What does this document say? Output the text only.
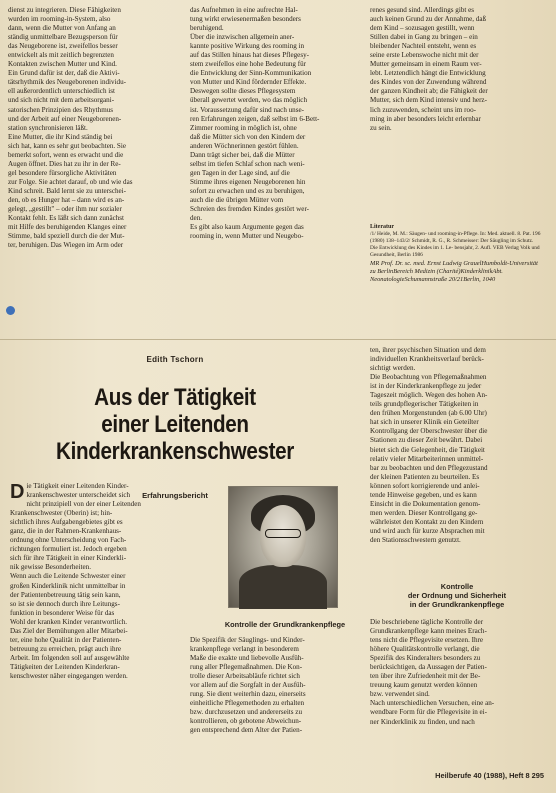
dienst zu integrieren. Diese Fähigkeiten
wurden im rooming-in-System, also
dann, wenn die Mutter von Anfang an
ständig unmittelbare Bezugsperson für
das Neugeborene ist, zweifellos besser
entwickelt als mit zeitlich begrenzten
Kontakten zwischen Mutter und Kind.
Ein Grund dafür ist der, daß die Aktivi-
tätsrhythmik des Neugeborenen individu-
ell außerordentlich unterschiedlich ist
und sich nicht mit dem arbeitsorgani-
satorischen Prinzipien des Rhythmus
und der Arbeit auf einer Neugeborenen-
station synchronisieren läßt.
Eine Mutter, die ihr Kind ständig bei
sich hat, kann es sehr gut beobachten. Sie
bemerkt sofort, wenn es erwacht und die
Augen öffnet. Dies hat zu ihr in der Re-
gel besondere fürsorgliche Aktivitäten
zur Folge. Sie achtet darauf, ob und wie das
Kind schreit. Bald lernt sie zu unterschei-
den, ob es Hunger hat – dann wird es an-
gelegt, „gestillt" – oder ihm nur sozialer
Kontakt fehlt. Es läßt sich dann zunächst
mit Hilfe des beruhigenden Klanges einer
Stimme, bald speziell durch die der Mut-
ter, beruhigen. Das Wiegen im Arm oder
das Aufnehmen in eine aufrechte Hal-
tung wirkt erwiesenermaßen besonders
beruhigend.
Über die inzwischen allgemein aner-
kannte positive Wirkung des rooming in
auf das Stillen hinaus hat dieses Pflegesy-
stem zweifellos eine hohe Bedeutung für
die Entwicklung der Sinn-Kommunikation
von Mutter und Kind fördernder Effekte.
Deswegen sollte dieses Pflegesystem
überall gewertet werden, wo das möglich
ist. Voraussetzung dafür sind nach unse-
ren Erfahrungen zeigen, daß selbst im 6-Bett-
Zimmer rooming in möglich ist, ohne
daß die Mütter sich von den Kindern der
anderen Wöchnerinnen gestört fühlen.
Dann trägt sicher bei, daß die Mütter
selbst im tiefen Schlaf schon nach weni-
gen Tagen in der Lage sind, auf die
Stimme ihres eigenen Neugeborenen hin
sofort zu erwachen und es zu beruhigen,
auch die die übrigen Mütter vom
Schreien des fremden Kindes gestört wer-
den.
Es gibt also kaum Argumente gegen das
rooming in, wenn Mutter und Neugebo-
renes gesund sind. Allerdings gibt es
auch keinen Grund zu der Annahme, daß
dem Kind – sozusagen gestillt, wenn
Stillen dabei in Gang zu bringen – ein
bleibender Nachteil entsteht, wenn es
seine erste Lebenswoche nicht mit der
Mutter gemeinsam in einem Raum ver-
lebt. Letztendlich hängt die Entwicklung
des Kindes von der Zuwendung während
der ganzen Kindheit ab; die Fähigkeit der
Mutter, sich dem Kind intensiv und herz-
lich zuzuwenden, scheint uns im roo-
ming in aber besonders leicht erlernbar
zu sein.
Literatur
/1/ Heide, M. M.: Säugen- und rooming-in-Pflege. In: Med. aktuell. 8. Pat. 196 (1980) 138–143/2/ Schmidt, R. G., R. Schmeisser: Der Säugling im Schutz. Die Entwicklung des Kindes im 1. Le- bensjahr, 2. Aufl. VEB Verlag Volk und Gesundheit, Berlin 1986
MR Prof. Dr. sc. med. Ernst Ludwig GrauelHumboldt-Universität zu BerlinBereich Medizin (Charité)KinderklinikAbt. NeonatologieSchumannstraße 20/21Berlin, 1040
Edith Tschorn
Aus der Tätigkeit
einer Leitenden
Kinderkrankenschwester
Erfahrungsbericht
D ie Tätigkeit einer Leitenden Kinder-
krankenschwester unterscheidet sich
nicht prinzipiell von der einer Leitenden
Krankenschwester (Oberin) ist; hin-
sichtlich ihres Aufgabengebietes gibt es
ganz, die in der Rahmen-Krankenhaus-
ordnung ohne Unterscheidung von Fach-
richtungen formuliert ist. Jedoch ergeben
sich für ihre Tätigkeit in einer Kinderkli-
nik gewisse Besonderheiten.
Wenn auch die Leitende Schwester einer
großen Kinderklinik nicht unmittelbar in
der Patientenbetreuung tätig sein kann,
so ist sie dennoch durch ihre Leitungs-
funktion in besonderer Weise für das
Wohl der kranken Kinder verantwortlich.
Das Ziel der Bemühungen aller Mitarbei-
ter, eine hohe Qualität in der Patienten-
betreuung zu erreichen, prägt auch ihre
Arbeit. Im folgenden soll auf ausgewählte
Tätigkeiten der Leitenden Kinderkran-
kenschwester näher eingegangen werden.
Kontrolle der Grundkrankenpflege
Die Spezifik der Säuglings- und Kinder-
krankenpflege verlangt in besonderem
Maße die exakte und liebevolle Ausfüh-
rung aller Pflegemaßnahmen. Die Kon-
trolle dieser Arbeitsabläufe richtet sich
vor allem auf die Sorgfalt in der Ausfüh-
rung. Sie dient weiterhin dazu, einerseits
einheitliche Pflegemethoden zu erhalten
bzw. durchzusetzen und andererseits zu
kontrollieren, ob gebotene Abweichun-
gen entsprechend dem Alter der Patien-
ten, ihrer psychischen Situation und dem
individuellen Krankheitsverlauf berück-
sichtigt werden.
Die Beobachtung von Pflegemaßnahmen
ist in der Kinderkrankenpflege zu jeder
Tageszeit möglich. Wegen des hohen An-
teils grundpflegerischer Tätigkeiten in
den frühen Morgenstunden (ab 6.00 Uhr)
hat sich in unserer Klinik ein Geteilter
Kontrollgang der Oberschwester über die
Stationen zu dieser Zeit bewährt. Dabei
bietet sich die Gelegenheit, die Tätigkeit
relativ vieler Mitarbeiterinnen unmittel-
bar zu beobachten und den Pflegezustand
der kleinen Patienten zu beurteilen. Es
können sofort korrigierende und anlei-
tende Hinweise gegeben, und es kann
Einsicht in die Dokumentation genom-
men werden. Dieser Kontrollgang ge-
währleistet den Kontakt zu den Kindern
und wird auch für kurze Absprachen mit
den Stationsschwestern genutzt.
Kontrolle
der Ordnung und Sicherheit
in der Grundkrankenpflege
Die beschriebene tägliche Kontrolle der
Grundkrankenpflege kann meines Erach-
tens nicht die Pflegevisite ersetzen. Ihre
höhere Qualitätskontrolle verlangt, die
Spezifik des Kinderalters besonders zu
berücksichtigen, da Aussagen der Patien-
ten über ihre Zufriedenheit mit der Be-
treuung kaum genutzt werden können
bzw. verwendet sind.
Nach unterschiedlichen Versuchen, eine an-
wendbare Form für die Pflegevisite in ei-
ner Kinderklinik zu finden, und nach
Heilberufe 40 (1988), Heft 8 295
